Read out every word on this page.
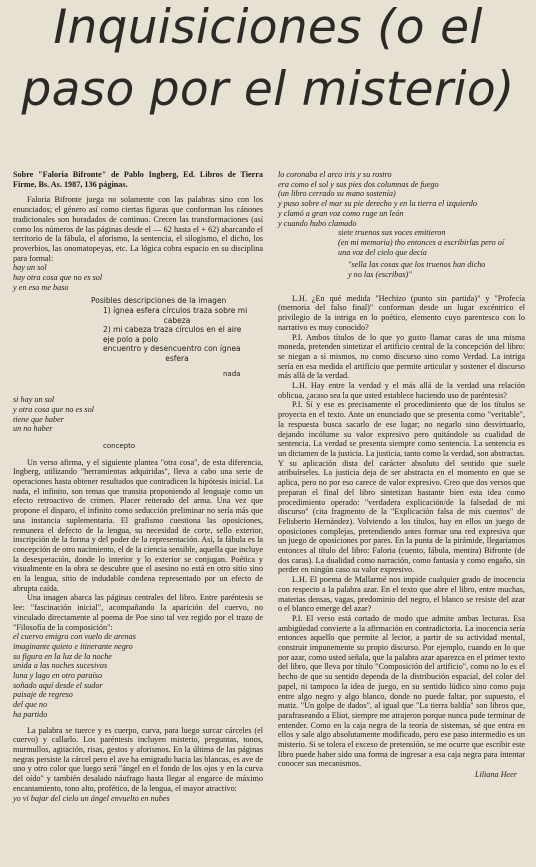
Inquisiciones (o el
paso por el misterio)

Sobre "Faloria Bifronte" de Pablo Ingberg, Ed. Libros de Tierra Firme, Bs. As. 1987, 136 páginas.

Faloria Bifronte juega no solamente con las palabras sino con los enunciados; el género así como ciertas figuras que conforman los cánones tradicionales son horadados de continuo. Crecen las transformaciones (así como los números de las páginas desde el — 62 hasta el + 62) abarcando el territorio de la fábula, el aforismo, la sentencia, el silogismo, el dicho, los proverbios, las onomatopeyas, etc. La lógica cobra espacio en su disciplina para formal:

hay un sol
hay otra cosa que no es sol
y en eso me baso

Posibles descripciones de la imagen
1) ígnea esfera círculos traza sobre mi
cabeza
2) mi cabeza traza círculos en el aire
eje polo a polo
encuentro y desencuentro con ígnea
esfera
nada

si hay un sol
y otra cosa que no es sol
tiene que haber
un no haber

concepto

Un verso afirma, y el siguiente plantea "otra cosa", de esta diferencia, Ingberg, utilizando "herramientas adquiridas", lleva a cabo una serie de operaciones hasta obtener resultados que contradicen la hipótesis inicial. La nada, el infinito, son temas que transita proponiendo al lenguaje como un efecto retroactivo de crimen. Placer reiterado del arma. Una vez que propone el disparo, el infinito como seducción preliminar no sería más que una instancia suplementaria. El grafismo cuestiona las oposiciones, remunera el defecto de la lengua, su necesidad de corte, sello exterior, inscripción de la forma y del poder de la representación. Así, la fábula es la concepción de otro nacimiento, el de la ciencia sensible, aquella que incluye la desesperación, donde lo interior y lo exterior se conjugan. Poética y visualmente en la obra se descubre que el asesino no está en otro sitio sino en la lengua, sitio de indudable condena representado por un efecto de abrupta caída.

Una imagen abarca las páginas centrales del libro. Entre paréntesis se lee: "fascinación inicial", acompañando la aparición del cuervo, no vinculado directamente al poema de Poe sino tal vez regido por el trazo de "Filosofía de la composición":

el cuervo emigra con vuelo de arenas
imaginante quieto e itinerante negro
su figura en la luz de la noche
unida a las noches sucesivas
luna y lago en otro paraíso
soñado aquí desde el sudor
paisaje de regreso
del que no
ha partido

La palabra se tuerce y es cuerpo, curva, para luego surcar cárceles (el cuervo) y callarlo. Los paréntesis incluyen misterio, preguntas, tonos, murmullos, agitación, risas, gestos y aforismos. En la última de las páginas negras persiste la cárcel pero el ave ha emigrado hacia las blancas, es ave de uno y otro color que luego será "ángel en el fondo de los ojos y en la curva del oído" y también desalado náufrago hasta llegar al engarce de máximo encantamiento, tono alto, profético, de la lengua, el mayor atractivo:

yo vi bajar del cielo un ángel envuelto en nubes

lo coronaba el arco iris y su rostro
era como el sol y sus pies dos columnas de fuego
(un libro cerrado su mano sostenía)
y puso sobre el mar su pie derecho y en la tierra el izquierdo
y clamó a gran voz como ruge un león
y cuando hubo clamado

siete truenos sus voces emitieron
(en mi memoria) tho entonces a escribirlas pero oí
una voz del cielo que decía

"sella las cosas que los truenos han dicho
y no las (escribas)"

L.H. ¿En qué medida "Hechizo (punto sin partida)" y "Profecía (memoria del falso final)" conforman desde un lugar excéntrico el privilegio de la intriga en lo poético, elemento cuyo parentesco con lo narrativo es muy conocido?

P.I. Ambos títulos de lo que yo gusto llamar caras de una misma moneda, pretenden sintetizar el artificio central de la concepción del libro: se niegan a sí mismos, no como discurso sino como Verdad. La intriga sería en esa medida el artificio que permite articular y sostener el discurso más allá de la verdad.

L.H. Hay entre la verdad y el más allá de la verdad una relación oblicua, ¿acaso sea la que usted establece haciendo uso de paréntesis?

P.I. Sí y ese es precisamente el procedimiento que de los títulos se proyecta en el texto. Ante un enunciado que se presenta como "veritable", la respuesta busca sacarlo de ese lugar; no negarlo sino desvirtuarlo, dejando incólume su valor expresivo pero quitándole su cualidad de sentencia. La verdad se presenta siempre como sentencia. La sentencia es un dictamen de la justicia. La justicia, tanto como la verdad, son abstractas. Y su aplicación dista del carácter absoluto del sentido que suele atribuírseles. La justicia deja de ser abstracta en el momento en que se aplica, pero no por eso carece de valor expresivo. Creo que dos versos que preparan el final del libro sintetizan bastante bien esta idea como procedimiento operado: "verdadera explicación/de la falsedad de mi discurso" (cita fragmento de la "Explicación falsa de mis cuentos" de Felisberto Hernández). Volviendo a los títulos, hay en ellos un juego de oposiciones complejas, pretendiendo antes formar una red expresiva que un juego de oposiciones por pares. En la punta de la pirámide, llegaríamos entonces al título del libro: Faloria (cuento, fábula, mentira) Bifronte (de dos caras). La dualidad como narración, como fantasía y como engaño, sin perder en ningún caso su valor expresivo.

L.H. El poema de Mallarmé nos impide cualquier grado de inocencia con respecto a la palabra azar. En el texto que abre el libro, entre muchas, materias densas, vagas, predominio del negro, el blanco se resiste del azar o el blanco emerge del azar?

P.I. El verso está cortado de modo que admite ambas lecturas. Esa ambigüedad convierte a la afirmación en contradictoria. La inocencia sería entonces aquello que permite al lector, a partir de su actividad mental, construir impunemente su propio discurso. Por ejemplo, cuando en lo que por azar, como usted señala, que la palabra azar aparezca en el primer texto del libro, que lleva por título "Composición del artificio", como no lo es el hecho de que su sentido dependa de la distribución espacial, del color del papel, ni tampoco la idea de juego, en su sentido lúdico sino como puja entre algo negro y algo blanco, donde no puede faltar, por supuesto, el matiz. "Un golpe de dados", al igual que "La tierra baldía" son libros que, parafraseando a Eliot, siempre me atrajeron porque nunca pude terminar de entender. Como en la caja negra de la teoría de sistemas, sé que entra en ellos y sale algo absolutamente modificado, pero ese paso intermedio es un misterio. Si se tolera el exceso de pretensión, se me ocurre que escribir este libro puede haber sido una forma de ingresar a esa caja negra para intentar conocer sus mecanismos.

Liliana Heer
